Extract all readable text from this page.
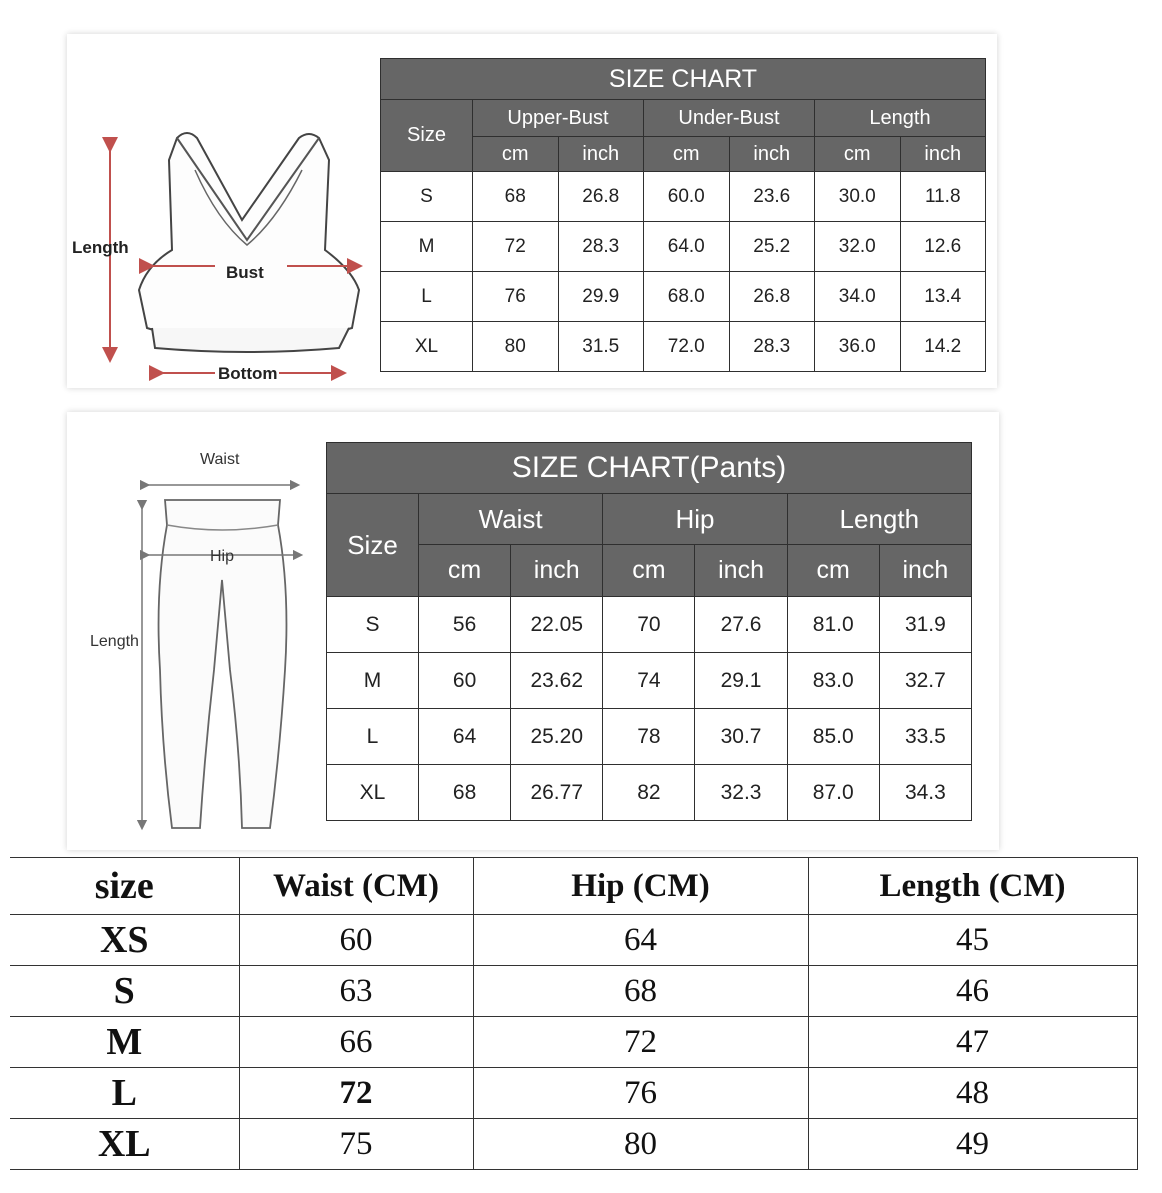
Length
Bust
Bottom
SIZE CHART						
Size	Upper-Bust		Under-Bust		Length	
	cm	inch	cm	inch	cm	inch
S	68	26.8	60.0	23.6	30.0	11.8
M	72	28.3	64.0	25.2	32.0	12.6
L	76	29.9	68.0	26.8	34.0	13.4
XL	80	31.5	72.0	28.3	36.0	14.2
Waist
Hip
Length
SIZE CHART(Pants)						
Size	Waist		Hip		Length	
	cm	inch	cm	inch	cm	inch
S	56	22.05	70	27.6	81.0	31.9
M	60	23.62	74	29.1	83.0	32.7
L	64	25.20	78	30.7	85.0	33.5
XL	68	26.77	82	32.3	87.0	34.3
size	Waist (CM)	Hip (CM)	Length (CM)
XS	60	64	45
S	63	68	46
M	66	72	47
L	72	76	48
XL	75	80	49
